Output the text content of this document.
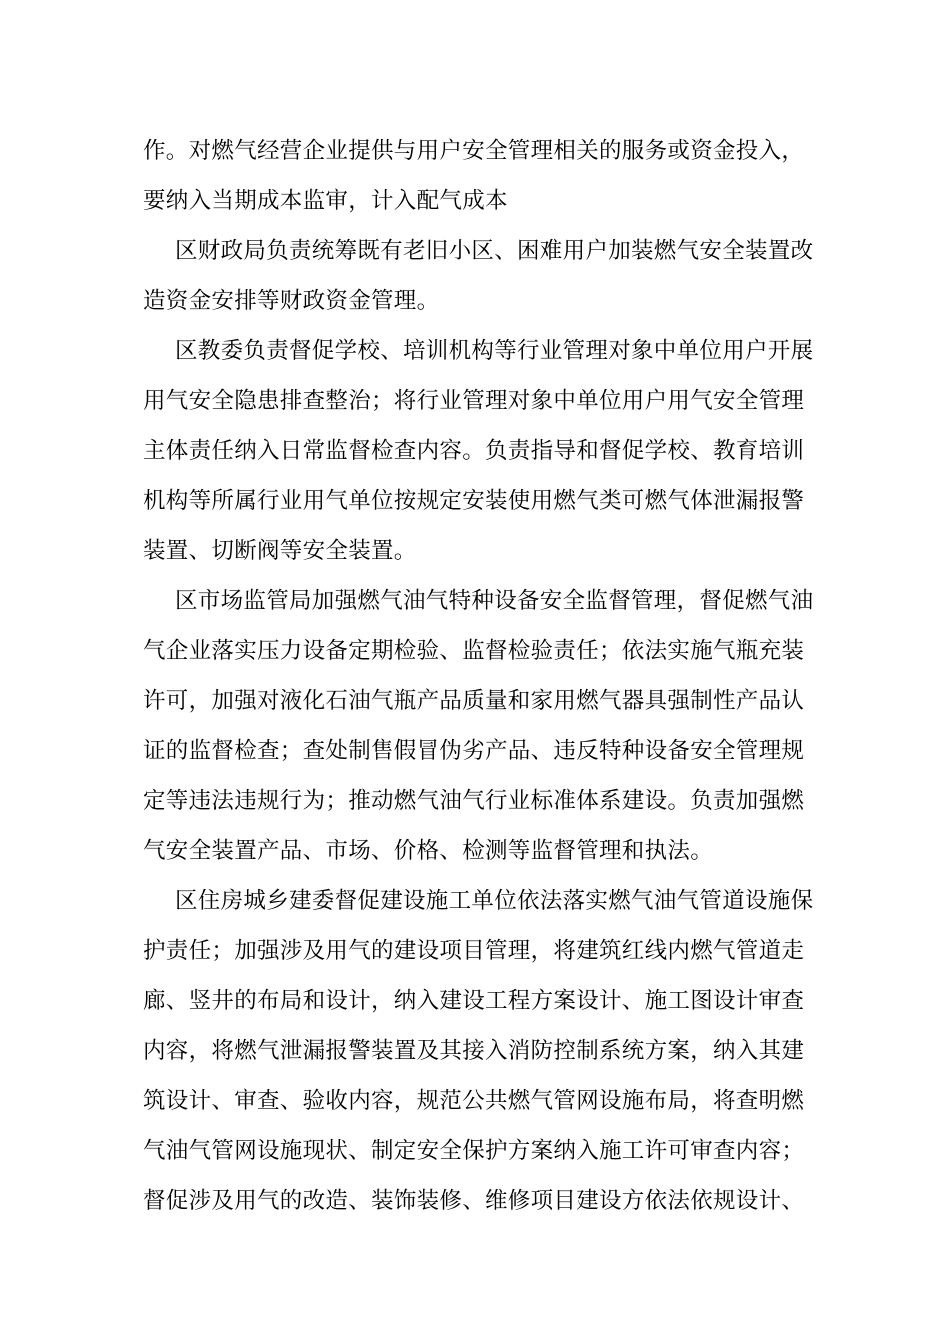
作。对燃气经营企业提供与用户安全管理相关的服务或资金投入，
要纳入当期成本监审，计入配气成本
区财政局负责统筹既有老旧小区、困难用户加装燃气安全装置改
造资金安排等财政资金管理。
区教委负责督促学校、培训机构等行业管理对象中单位用户开展
用气安全隐患排查整治；将行业管理对象中单位用户用气安全管理
主体责任纳入日常监督检查内容。负责指导和督促学校、教育培训
机构等所属行业用气单位按规定安装使用燃气类可燃气体泄漏报警
装置、切断阀等安全装置。
区市场监管局加强燃气油气特种设备安全监督管理，督促燃气油
气企业落实压力设备定期检验、监督检验责任；依法实施气瓶充装
许可，加强对液化石油气瓶产品质量和家用燃气器具强制性产品认
证的监督检查；查处制售假冒伪劣产品、违反特种设备安全管理规
定等违法违规行为；推动燃气油气行业标准体系建设。负责加强燃
气安全装置产品、市场、价格、检测等监督管理和执法。
区住房城乡建委督促建设施工单位依法落实燃气油气管道设施保
护责任；加强涉及用气的建设项目管理，将建筑红线内燃气管道走
廊、竖井的布局和设计，纳入建设工程方案设计、施工图设计审查
内容，将燃气泄漏报警装置及其接入消防控制系统方案，纳入其建
筑设计、审查、验收内容，规范公共燃气管网设施布局，将查明燃
气油气管网设施现状、制定安全保护方案纳入施工许可审查内容；
督促涉及用气的改造、装饰装修、维修项目建设方依法依规设计、
